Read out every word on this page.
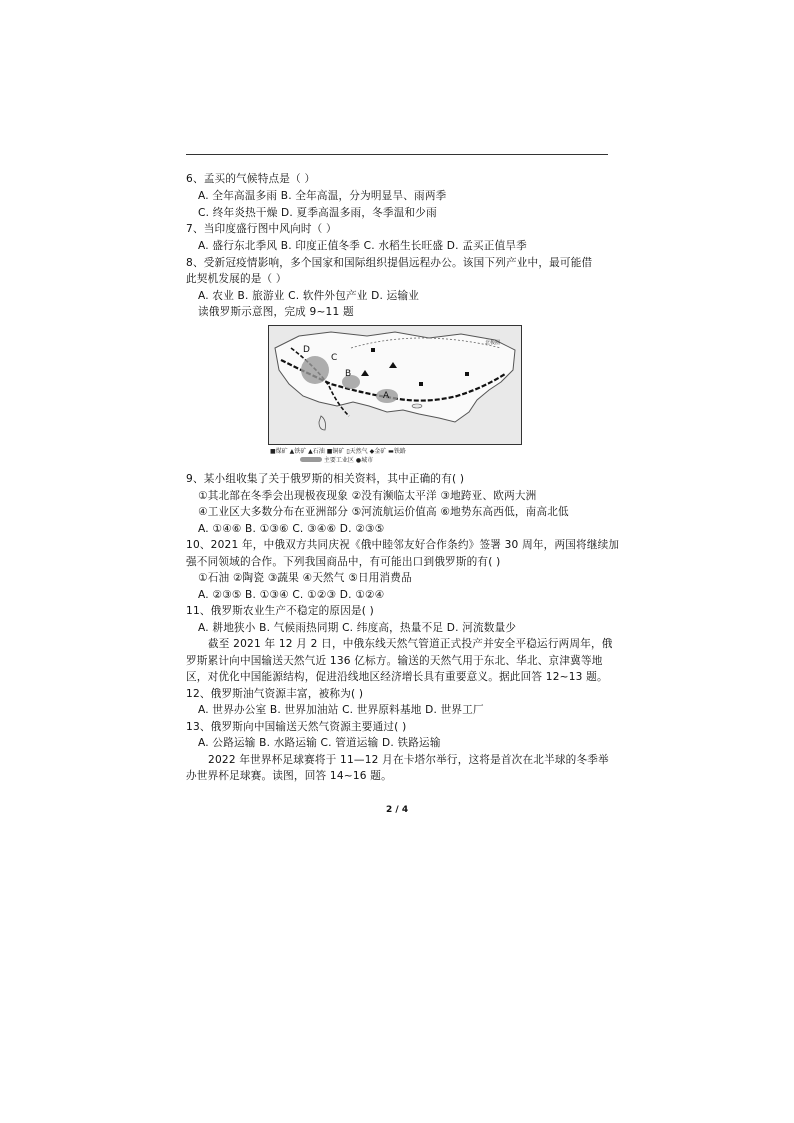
6、孟买的气候特点是（ ）
A. 全年高温多雨 B. 全年高温，分为明显旱、雨两季
C. 终年炎热干燥 D. 夏季高温多雨，冬季温和少雨
7、当印度盛行图中风向时（ ）
A. 盛行东北季风 B. 印度正值冬季 C. 水稻生长旺盛 D. 孟买正值旱季
8、受新冠疫情影响，多个国家和国际组织提倡远程办公。该国下列产业中，最可能借
此契机发展的是（ ）
A. 农业 B. 旅游业 C. 软件外包产业 D. 运输业
读俄罗斯示意图，完成 9~11 题
D
C
B
A
北极圈
■煤矿 ▲铁矿 ▲石油 ■铜矿 ▯天然气 ◆金矿 ▬铁路
主要工业区 ●城市
9、某小组收集了关于俄罗斯的相关资料，其中正确的有( )
①其北部在冬季会出现极夜现象 ②没有濒临太平洋 ③地跨亚、欧两大洲
④工业区大多数分布在亚洲部分 ⑤河流航运价值高 ⑥地势东高西低，南高北低
A. ①④⑥ B. ①③⑥ C. ③④⑥ D. ②③⑤
10、2021 年，中俄双方共同庆祝《俄中睦邻友好合作条约》签署 30 周年，两国将继续加
强不同领域的合作。下列我国商品中，有可能出口到俄罗斯的有( )
①石油 ②陶瓷 ③蔬果 ④天然气 ⑤日用消费品
A. ②③⑤ B. ①③④ C. ①②③ D. ①②④
11、俄罗斯农业生产不稳定的原因是( )
A. 耕地狭小 B. 气候雨热同期 C. 纬度高，热量不足 D. 河流数量少
截至 2021 年 12 月 2 日，中俄东线天然气管道正式投产并安全平稳运行两周年，俄
罗斯累计向中国输送天然气近 136 亿标方。输送的天然气用于东北、华北、京津冀等地
区，对优化中国能源结构，促进沿线地区经济增长具有重要意义。据此回答 12~13 题。
12、俄罗斯油气资源丰富，被称为( )
A. 世界办公室 B. 世界加油站 C. 世界原料基地 D. 世界工厂
13、俄罗斯向中国输送天然气资源主要通过( )
A. 公路运输 B. 水路运输 C. 管道运输 D. 铁路运输
2022 年世界杯足球赛将于 11—12 月在卡塔尔举行，这将是首次在北半球的冬季举
办世界杯足球赛。读图，回答 14~16 题。
2 / 4
